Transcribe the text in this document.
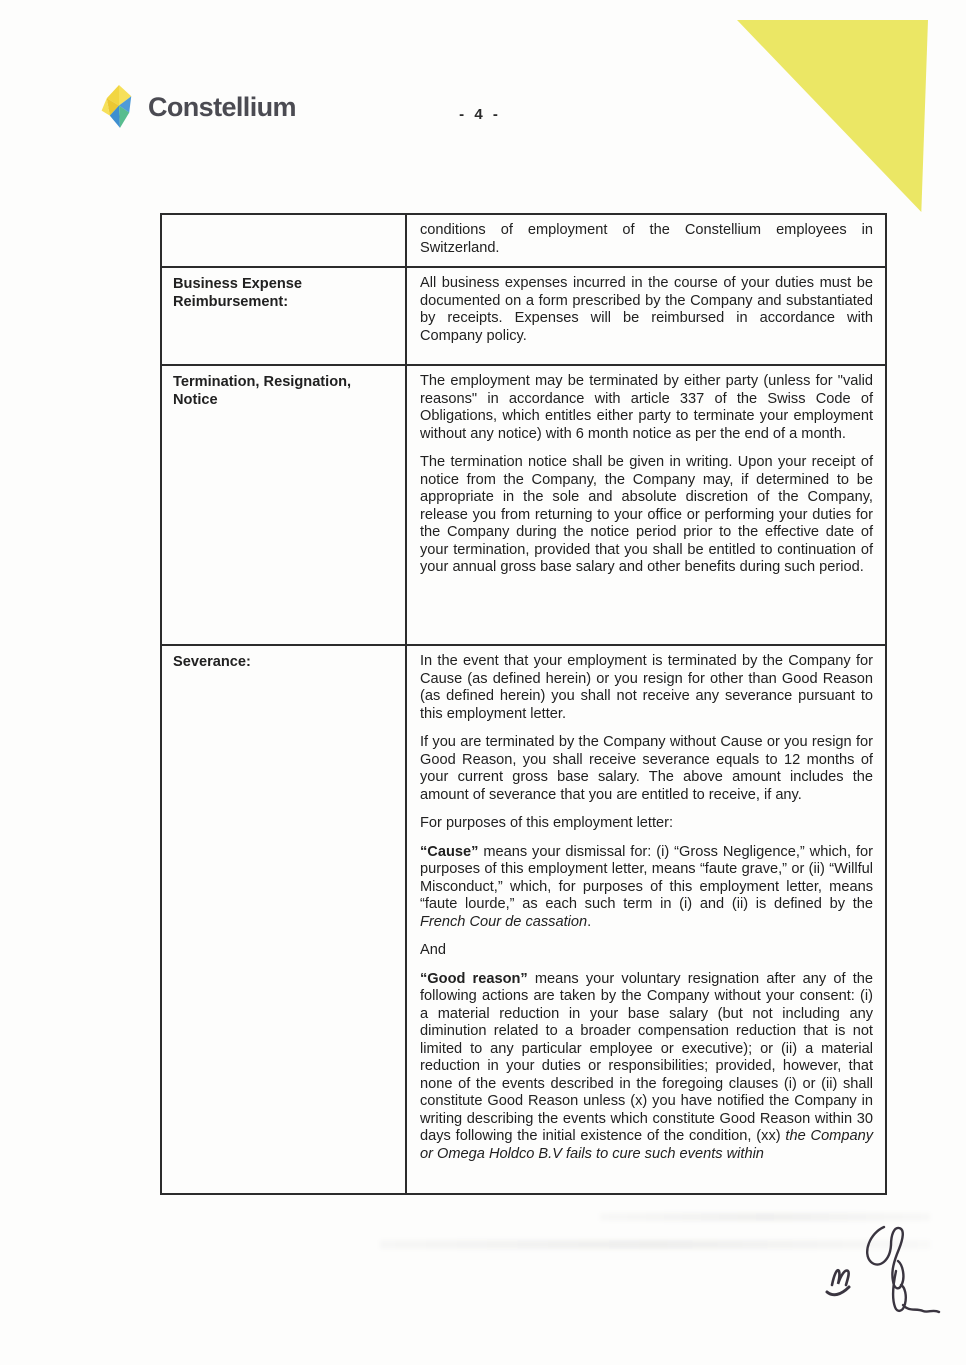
Constellium	- 4 -

	conditions of employment of the Constellium employees in Switzerland.

Business Expense Reimbursement:	All business expenses incurred in the course of your duties must be documented on a form prescribed by the Company and substantiated by receipts. Expenses will be reimbursed in accordance with Company policy.

Termination, Resignation, Notice	The employment may be terminated by either party (unless for "valid reasons" in accordance with article 337 of the Swiss Code of Obligations, which entitles either party to terminate your employment without any notice) with 6 month notice as per the end of a month.

The termination notice shall be given in writing. Upon your receipt of notice from the Company, the Company may, if determined to be appropriate in the sole and absolute discretion of the Company, release you from returning to your office or performing your duties for the Company during the notice period prior to the effective date of your termination, provided that you shall be entitled to continuation of your annual gross base salary and other benefits during such period.

Severance:	In the event that your employment is terminated by the Company for Cause (as defined herein) or you resign for other than Good Reason (as defined herein) you shall not receive any severance pursuant to this employment letter.

If you are terminated by the Company without Cause or you resign for Good Reason, you shall receive severance equals to 12 months of your current gross base salary. The above amount includes the amount of severance that you are entitled to receive, if any.

For purposes of this employment letter:

“Cause” means your dismissal for: (i) “Gross Negligence,” which, for purposes of this employment letter, means “faute grave,” or (ii) “Willful Misconduct,” which, for purposes of this employment letter, means “faute lourde,” as each such term in (i) and (ii) is defined by the French Cour de cassation.

And

“Good reason” means your voluntary resignation after any of the following actions are taken by the Company without your consent: (i) a material reduction in your base salary (but not including any diminution related to a broader compensation reduction that is not limited to any particular employee or executive); or (ii) a material reduction in your duties or responsibilities; provided, however, that none of the events described in the foregoing clauses (i) or (ii) shall constitute Good Reason unless (x) you have notified the Company in writing describing the events which constitute Good Reason within 30 days following the initial existence of the condition, (xx) the Company or Omega Holdco B.V fails to cure such events within
